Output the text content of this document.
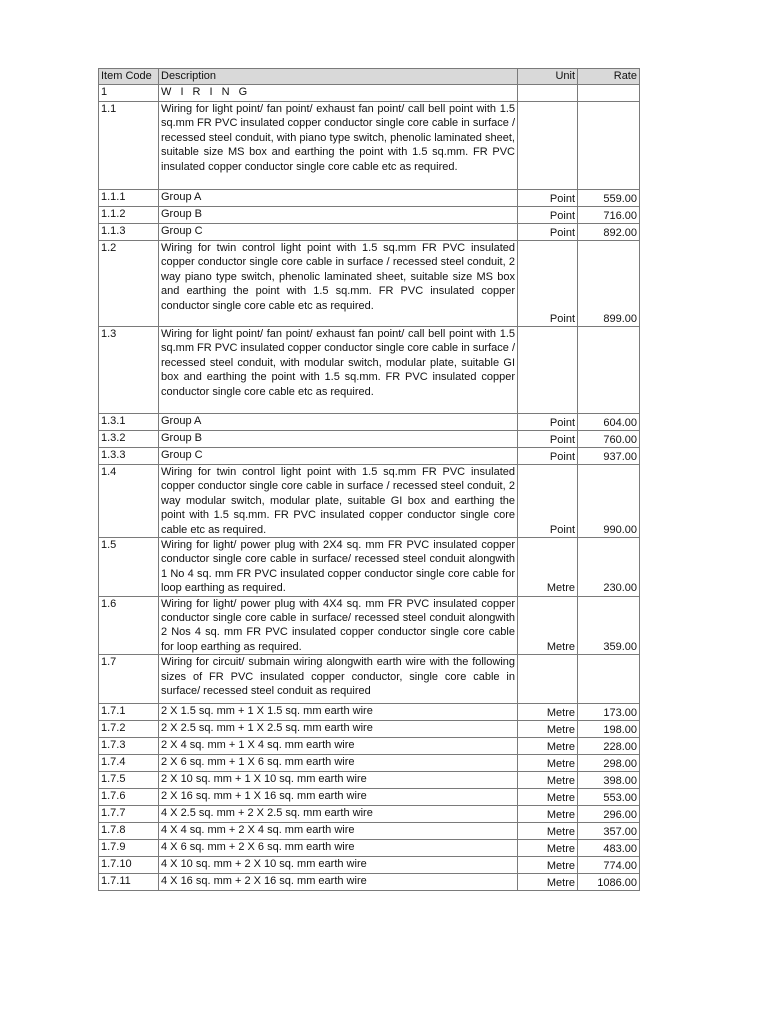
Item Code	Description	Unit	Rate
1	W I R I N G		
1.1	Wiring for light point/ fan point/ exhaust fan point/ call bell point with 1.5 sq.mm FR PVC insulated copper conductor single core cable in surface / recessed steel conduit, with piano type switch, phenolic laminated sheet, suitable size MS box and earthing the point with 1.5 sq.mm. FR PVC insulated copper conductor single core cable etc as required.		
1.1.1	Group A	Point	559.00
1.1.2	Group B	Point	716.00
1.1.3	Group C	Point	892.00
1.2	Wiring for twin control light point with 1.5 sq.mm FR PVC insulated copper conductor single core cable in surface / recessed steel conduit, 2 way piano type switch, phenolic laminated sheet, suitable size MS box and earthing the point with 1.5 sq.mm. FR PVC insulated copper conductor single core cable etc as required.	Point	899.00
1.3	Wiring for light point/ fan point/ exhaust fan point/ call bell point with 1.5 sq.mm FR PVC insulated copper conductor single core cable in surface / recessed steel conduit, with modular switch, modular plate, suitable GI box and earthing the point with 1.5 sq.mm. FR PVC insulated copper conductor single core cable etc as required.		
1.3.1	Group A	Point	604.00
1.3.2	Group B	Point	760.00
1.3.3	Group C	Point	937.00
1.4	Wiring for twin control light point with 1.5 sq.mm FR PVC insulated copper conductor single core cable in surface / recessed steel conduit, 2 way modular switch, modular plate, suitable GI box and earthing the point with 1.5 sq.mm. FR PVC insulated copper conductor single core cable etc as required.	Point	990.00
1.5	Wiring for light/ power plug with 2X4 sq. mm FR PVC insulated copper conductor single core cable in surface/ recessed steel conduit alongwith 1 No 4 sq. mm FR PVC insulated copper conductor single core cable for loop earthing as required.	Metre	230.00
1.6	Wiring for light/ power plug with 4X4 sq. mm FR PVC insulated copper conductor single core cable in surface/ recessed steel conduit alongwith 2 Nos 4 sq. mm FR PVC insulated copper conductor single core cable for loop earthing as required.	Metre	359.00
1.7	Wiring for circuit/ submain wiring alongwith earth wire with the following sizes of FR PVC insulated copper conductor, single core cable in surface/ recessed steel conduit as required		
1.7.1	2 X 1.5 sq. mm + 1 X 1.5 sq. mm earth wire	Metre	173.00
1.7.2	2 X 2.5 sq. mm + 1 X 2.5 sq. mm earth wire	Metre	198.00
1.7.3	2 X 4 sq. mm + 1 X 4 sq. mm earth wire	Metre	228.00
1.7.4	2 X 6 sq. mm + 1 X 6 sq. mm earth wire	Metre	298.00
1.7.5	2 X 10 sq. mm + 1 X 10 sq. mm earth wire	Metre	398.00
1.7.6	2 X 16 sq. mm + 1 X 16 sq. mm earth wire	Metre	553.00
1.7.7	4 X 2.5 sq. mm + 2 X 2.5 sq. mm earth wire	Metre	296.00
1.7.8	4 X 4 sq. mm + 2 X 4 sq. mm earth wire	Metre	357.00
1.7.9	4 X 6 sq. mm + 2 X 6 sq. mm earth wire	Metre	483.00
1.7.10	4 X 10 sq. mm + 2 X 10 sq. mm earth wire	Metre	774.00
1.7.11	4 X 16 sq. mm + 2 X 16 sq. mm earth wire	Metre	1086.00
